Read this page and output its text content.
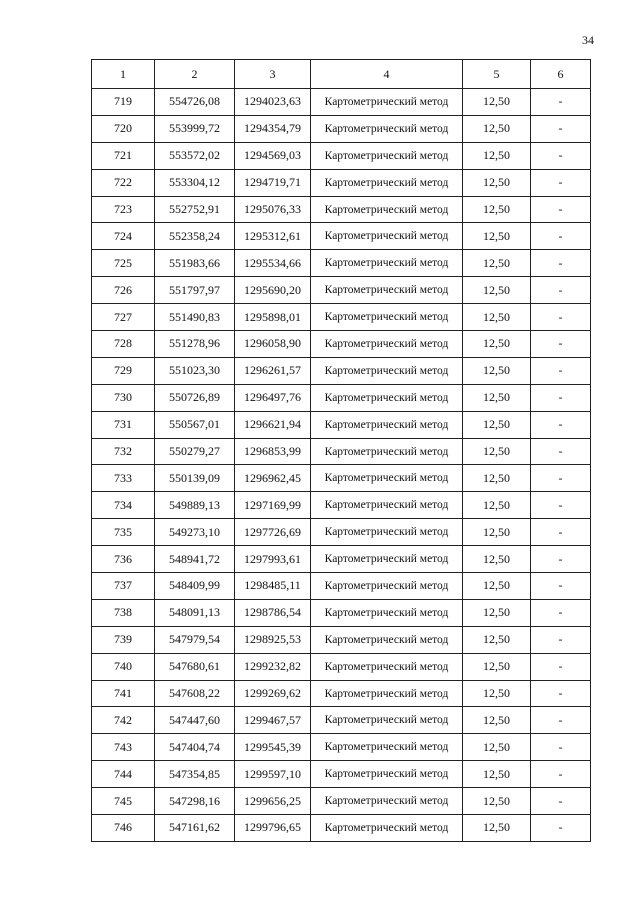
34
1	2	3	4	5	6
719	554726,08	1294023,63	Картометрический метод	12,50	-
720	553999,72	1294354,79	Картометрический метод	12,50	-
721	553572,02	1294569,03	Картометрический метод	12,50	-
722	553304,12	1294719,71	Картометрический метод	12,50	-
723	552752,91	1295076,33	Картометрический метод	12,50	-
724	552358,24	1295312,61	Картометрический метод	12,50	-
725	551983,66	1295534,66	Картометрический метод	12,50	-
726	551797,97	1295690,20	Картометрический метод	12,50	-
727	551490,83	1295898,01	Картометрический метод	12,50	-
728	551278,96	1296058,90	Картометрический метод	12,50	-
729	551023,30	1296261,57	Картометрический метод	12,50	-
730	550726,89	1296497,76	Картометрический метод	12,50	-
731	550567,01	1296621,94	Картометрический метод	12,50	-
732	550279,27	1296853,99	Картометрический метод	12,50	-
733	550139,09	1296962,45	Картометрический метод	12,50	-
734	549889,13	1297169,99	Картометрический метод	12,50	-
735	549273,10	1297726,69	Картометрический метод	12,50	-
736	548941,72	1297993,61	Картометрический метод	12,50	-
737	548409,99	1298485,11	Картометрический метод	12,50	-
738	548091,13	1298786,54	Картометрический метод	12,50	-
739	547979,54	1298925,53	Картометрический метод	12,50	-
740	547680,61	1299232,82	Картометрический метод	12,50	-
741	547608,22	1299269,62	Картометрический метод	12,50	-
742	547447,60	1299467,57	Картометрический метод	12,50	-
743	547404,74	1299545,39	Картометрический метод	12,50	-
744	547354,85	1299597,10	Картометрический метод	12,50	-
745	547298,16	1299656,25	Картометрический метод	12,50	-
746	547161,62	1299796,65	Картометрический метод	12,50	-
